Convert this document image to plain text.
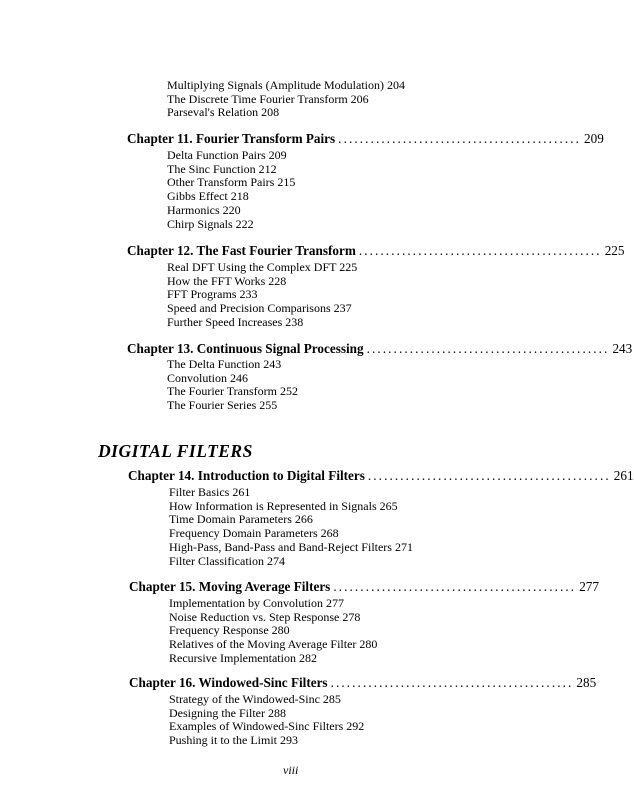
Multiplying Signals (Amplitude Modulation) 204
The Discrete Time Fourier Transform 206
Parseval's Relation 208
Chapter 11. Fourier Transform Pairs ............................................. 209
Delta Function Pairs 209
The Sinc Function 212
Other Transform Pairs 215
Gibbs Effect 218
Harmonics 220
Chirp Signals 222
Chapter 12. The Fast Fourier Transform ............................................. 225
Real DFT Using the Complex DFT 225
How the FFT Works 228
FFT Programs 233
Speed and Precision Comparisons 237
Further Speed Increases 238
Chapter 13. Continuous Signal Processing ............................................. 243
The Delta Function 243
Convolution 246
The Fourier Transform 252
The Fourier Series 255
DIGITAL FILTERS
Chapter 14. Introduction to Digital Filters ............................................. 261
Filter Basics 261
How Information is Represented in Signals 265
Time Domain Parameters 266
Frequency Domain Parameters 268
High-Pass, Band-Pass and Band-Reject Filters 271
Filter Classification 274
Chapter 15. Moving Average Filters ............................................. 277
Implementation by Convolution 277
Noise Reduction vs. Step Response 278
Frequency Response 280
Relatives of the Moving Average Filter 280
Recursive Implementation 282
Chapter 16. Windowed-Sinc Filters ............................................. 285
Strategy of the Windowed-Sinc 285
Designing the Filter 288
Examples of Windowed-Sinc Filters 292
Pushing it to the Limit 293
viii
